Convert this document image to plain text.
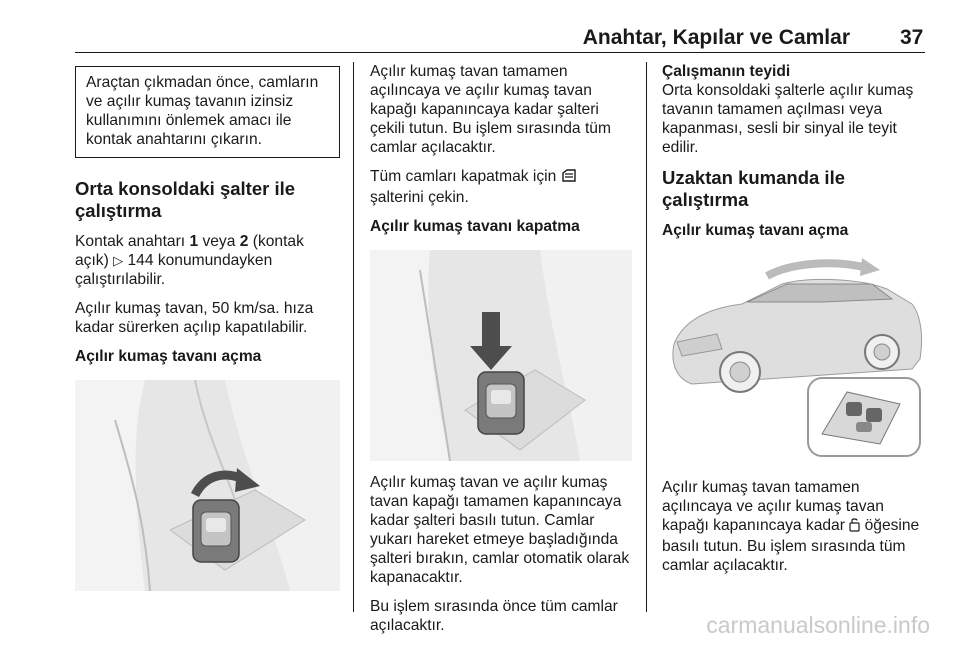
Anahtar, Kapılar ve Camlar 37
Araçtan çıkmadan önce, camların ve açılır kumaş tavanın izinsiz kullanımını önlemek amacı ile kontak anahtarını çıkarın.
Orta konsoldaki şalter ile çalıştırma

Kontak anahtarı 1 veya 2 (kontak açık) ▷ 144 konumundayken çalıştırılabilir.

Açılır kumaş tavan, 50 km/sa. hıza kadar sürerken açılıp kapatılabilir.

Açılır kumaş tavanı açma

Açılır kumaş tavan tamamen açılıncaya ve açılır kumaş tavan kapağı kapanıncaya kadar şalteri çekili tutun. Bu işlem sırasında tüm camlar açılacaktır.

Tüm camları kapatmak için
şalterini çekin.

Açılır kumaş tavanı kapatma

Açılır kumaş tavan ve açılır kumaş tavan kapağı tamamen kapanıncaya kadar şalteri basılı tutun. Camlar yukarı hareket etmeye başladığında şalteri bırakın, camlar otomatik olarak kapanacaktır.

Bu işlem sırasında önce tüm camlar açılacaktır.

Çalışmanın teyidi

Orta konsoldaki şalterle açılır kumaş tavanın tamamen açılması veya kapanması, sesli bir sinyal ile teyit edilir.

Uzaktan kumanda ile çalıştırma
Açılır kumaş tavanı açma

Açılır kumaş tavan tamamen açılıncaya ve açılır kumaş tavan kapağı kapanıncaya kadar  öğesine basılı tutun. Bu işlem sırasında tüm camlar açılacaktır.

carmanualsonline.info
